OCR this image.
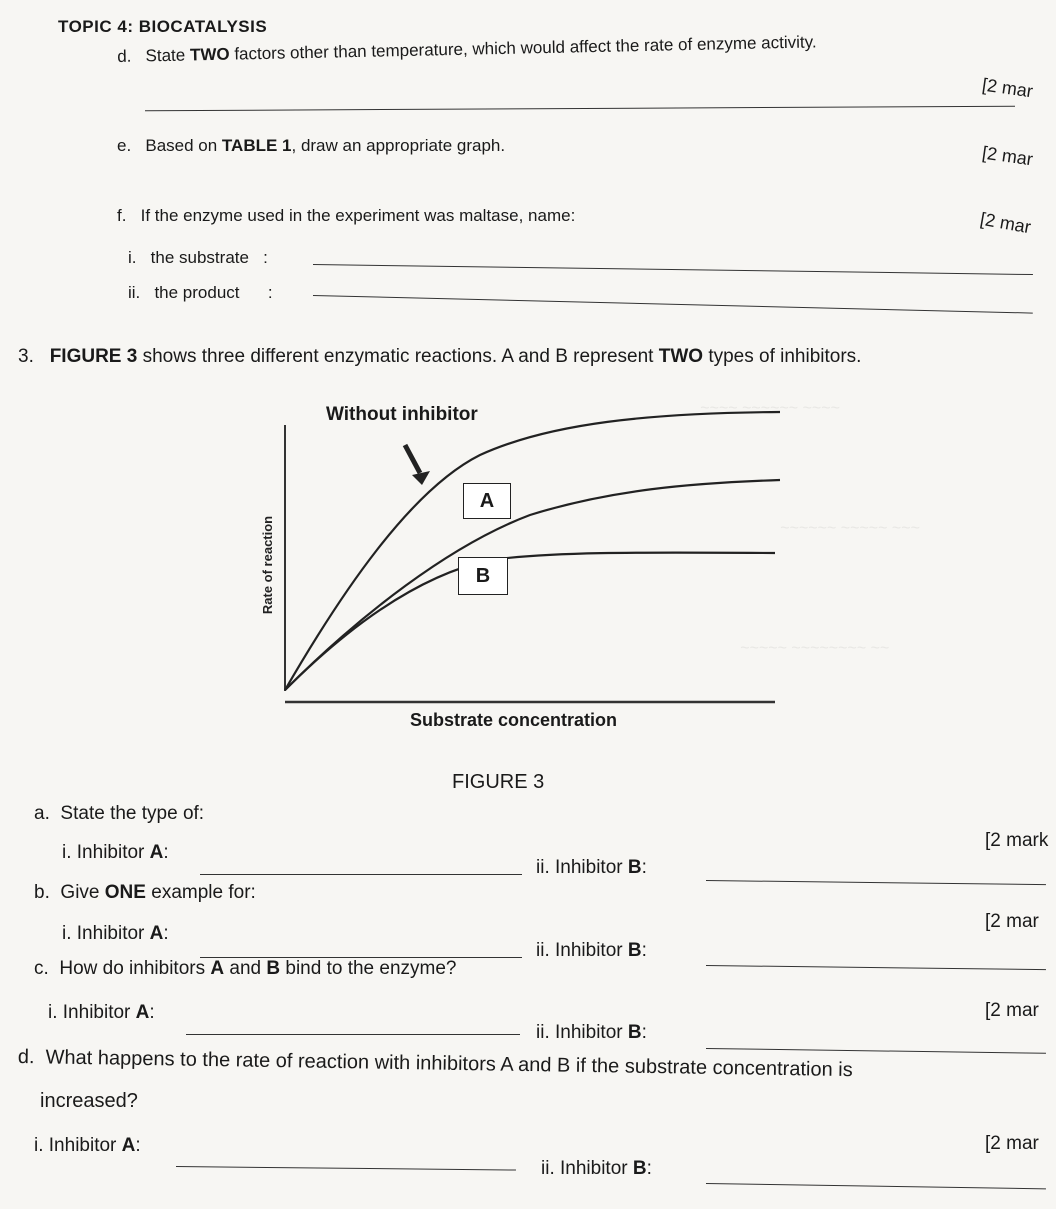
~~~~ ~~~~~~ ~~~~
~~~~~~ ~~~~~ ~~~
~~~~~ ~~~~~~~~ ~~
TOPIC 4: BIOCATALYSIS
d. State TWO factors other than temperature, which would affect the rate of enzyme activity.
[2 mar
e. Based on TABLE 1, draw an appropriate graph.	[2 mar
f. If the enzyme used in the experiment was maltase, name:	[2 mar
i. the substrate :
ii. the product :
3. FIGURE 3 shows three different enzymatic reactions. A and B represent TWO types of inhibitors.
Rate of reaction
Without inhibitor
A
B
Substrate concentration
FIGURE 3
a. State the type of:
[2 mark
i. Inhibitor A:
ii. Inhibitor B:
b. Give ONE example for:
[2 mar
i. Inhibitor A:
ii. Inhibitor B:
c. How do inhibitors A and B bind to the enzyme?
[2 mar
i. Inhibitor A:
ii. Inhibitor B:
d. What happens to the rate of reaction with inhibitors A and B if the substrate concentration is
increased?
[2 mar
i. Inhibitor A:
ii. Inhibitor B:
